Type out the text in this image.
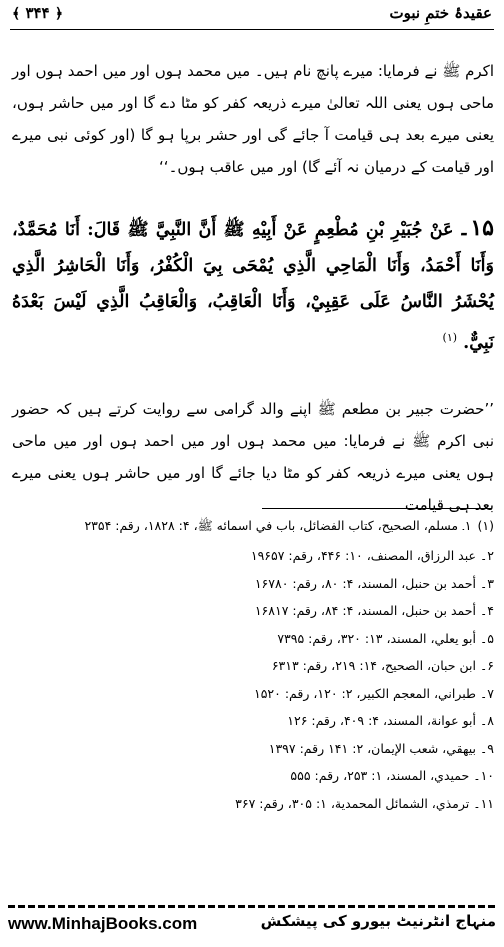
عقیدۂ ختمِ نبوت
﴿ ۳۴۴ ﴾

اکرم ﷺ نے فرمایا: میرے پانچ نام ہیں۔ میں محمد ہوں اور میں احمد ہوں اور ماحی ہوں یعنی اللہ تعالیٰ میرے ذریعہ کفر کو مٹا دے گا اور میں حاشر ہوں، یعنی میرے بعد ہی قیامت آ جائے گی اور حشر برپا ہو گا (اور کوئی نبی میرے اور قیامت کے درمیان نہ آئے گا) اور میں عاقب ہوں۔‘‘

۱۵۔عَنْ جُبَيْرِ بْنِ مُطْعِمٍ عَنْ أَبِيْهِ ﷺ أَنَّ النَّبِيَّ ﷺ قَالَ: أَنَا مُحَمَّدٌ، وَأَنَا أَحْمَدُ، وَأَنَا الْمَاحِي الَّذِي يُمْحَى بِيَ الْكُفْرُ، وَأَنَا الْحَاشِرُ الَّذِي يُحْشَرُ النَّاسُ عَلَى عَقِبِيْ، وَأَنَا الْعَاقِبُ، وَالْعَاقِبُ الَّذِي لَيْسَ بَعْدَهُ نَبِيٌّ. $^{(۱)}$

’’حضرت جبیر بن مطعم ﷺ اپنے والد گرامی سے روایت کرتے ہیں کہ حضور نبی اکرم ﷺ نے فرمایا: میں محمد ہوں اور میں احمد ہوں اور میں ماحی ہوں یعنی میرے ذریعہ کفر کو مٹا دیا جائے گا اور میں حاشر ہوں یعنی میرے بعد ہی قیامت

(۱)۱۔ مسلم، الصحيح، كتاب الفضائل، باب في اسمائه ﷺ، ۴: ۱۸۲۸، رقم: ۲۳۵۴
۲۔ عبد الرزاق، المصنف، ۱۰: ۴۴۶، رقم: ۱۹۶۵۷
۳۔ أحمد بن حنبل، المسند، ۴: ۸۰، رقم: ۱۶۷۸۰
۴۔ أحمد بن حنبل، المسند، ۴: ۸۴، رقم: ۱۶۸۱۷
۵۔ أبو يعلي، المسند، ۱۳: ۳۲۰، رقم: ۷۳۹۵
۶۔ ابن حبان، الصحيح، ۱۴: ۲۱۹، رقم: ۶۳۱۳
۷۔ طبراني، المعجم الكبير، ۲: ۱۲۰، رقم: ۱۵۲۰
۸۔ أبو عوانة، المسند، ۴: ۴۰۹، رقم: ۱۲۶
۹۔ بيهقي، شعب الإيمان، ۲: ۱۴۱ رقم: ۱۳۹۷
۱۰۔ حميدي، المسند، ۱: ۲۵۳، رقم: ۵۵۵
۱۱۔ ترمذي، الشمائل المحمدية، ۱: ۳۰۵، رقم: ۳۶۷
www.MinhajBooks.com	منہاج انٹرنیٹ بیورو کی پیشکش
